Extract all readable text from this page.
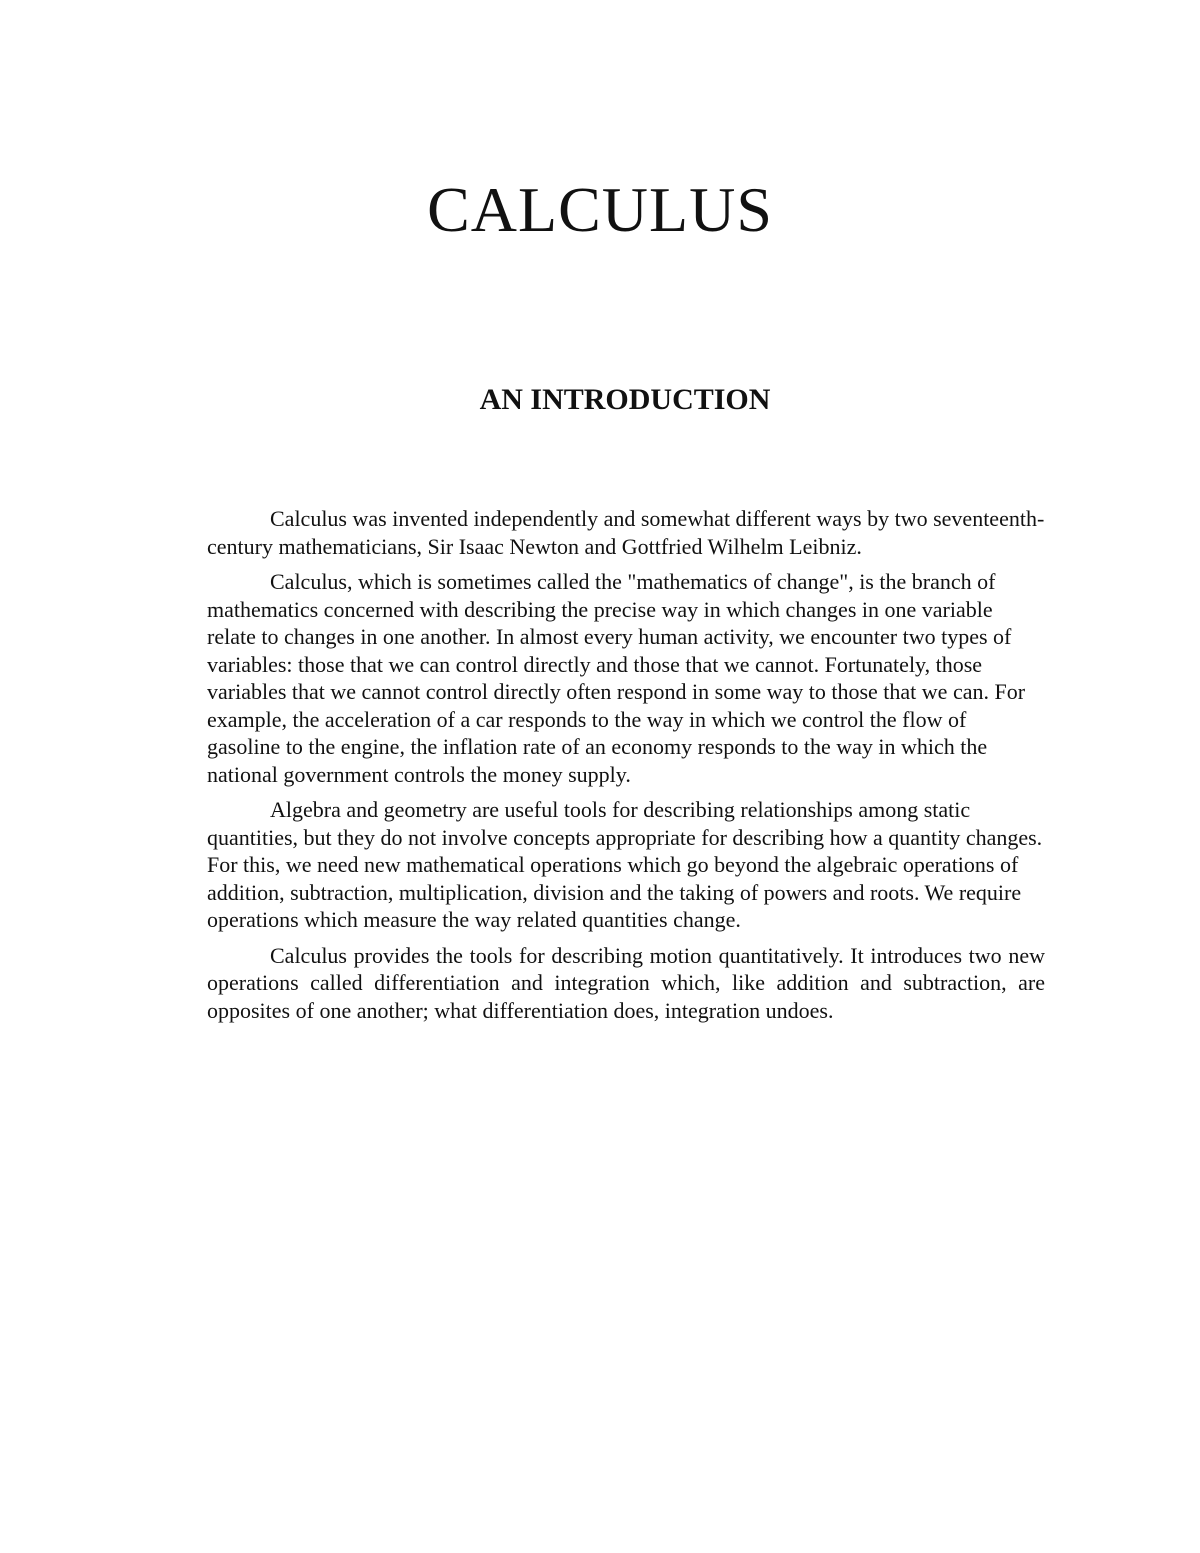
CALCULUS
AN INTRODUCTION

Calculus was invented independently and somewhat different ways by two seventeenth-century mathematicians, Sir Isaac Newton and Gottfried Wilhelm Leibniz.

Calculus, which is sometimes called the "mathematics of change", is the branch of mathematics concerned with describing the precise way in which changes in one variable relate to changes in one another. In almost every human activity, we encounter two types of variables: those that we can control directly and those that we cannot. Fortunately, those variables that we cannot control directly often respond in some way to those that we can. For example, the acceleration of a car responds to the way in which we control the flow of gasoline to the engine, the inflation rate of an economy responds to the way in which the national government controls the money supply.

Algebra and geometry are useful tools for describing relationships among static quantities, but they do not involve concepts appropriate for describing how a quantity changes. For this, we need new mathematical operations which go beyond the algebraic operations of addition, subtraction, multiplication, division and the taking of powers and roots. We require operations which measure the way related quantities change.

Calculus provides the tools for describing motion quantitatively. It introduces two new operations called differentiation and integration which, like addition and subtraction, are opposites of one another; what differentiation does, integration undoes.
